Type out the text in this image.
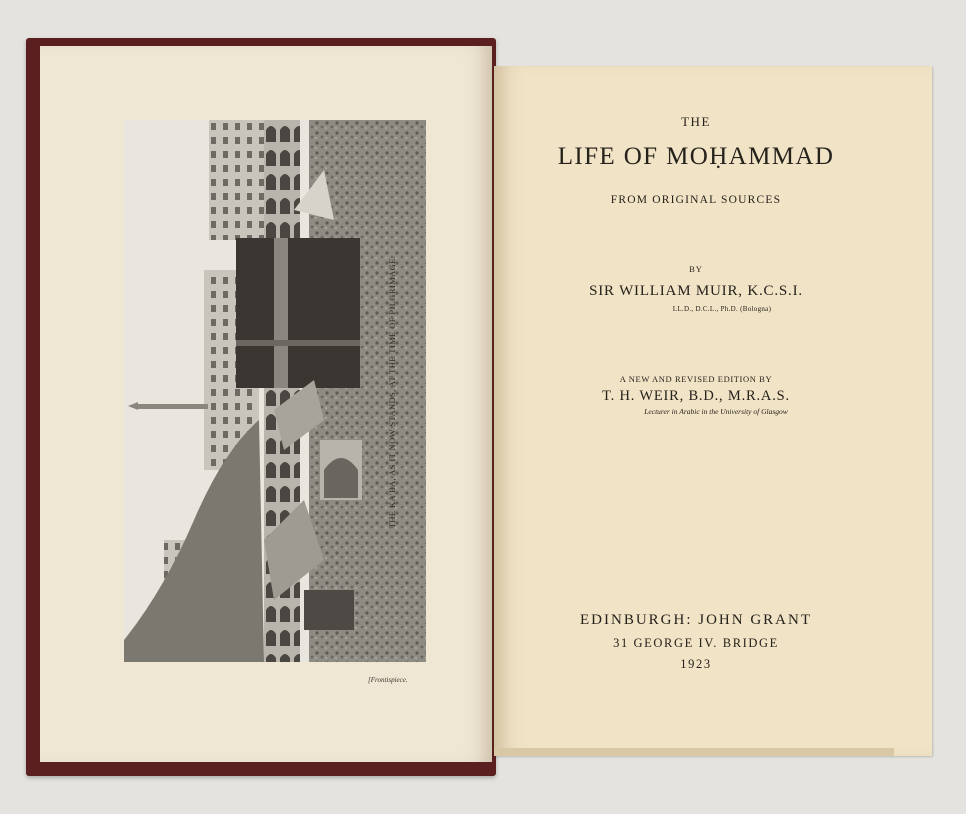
THE KA'BA, AS IT NOW STANDS, AT THE TIME OF PILGRIMAGE.
[Frontispiece.
THE
LIFE OF MOḤAMMAD
FROM ORIGINAL SOURCES
BY
SIR WILLIAM MUIR, K.C.S.I.
LL.D., D.C.L., Ph.D. (Bologna)
A NEW AND REVISED EDITION BY
T. H. WEIR, B.D., M.R.A.S.
Lecturer in Arabic in the University of Glasgow
EDINBURGH: JOHN GRANT
31 GEORGE IV. BRIDGE
1923
